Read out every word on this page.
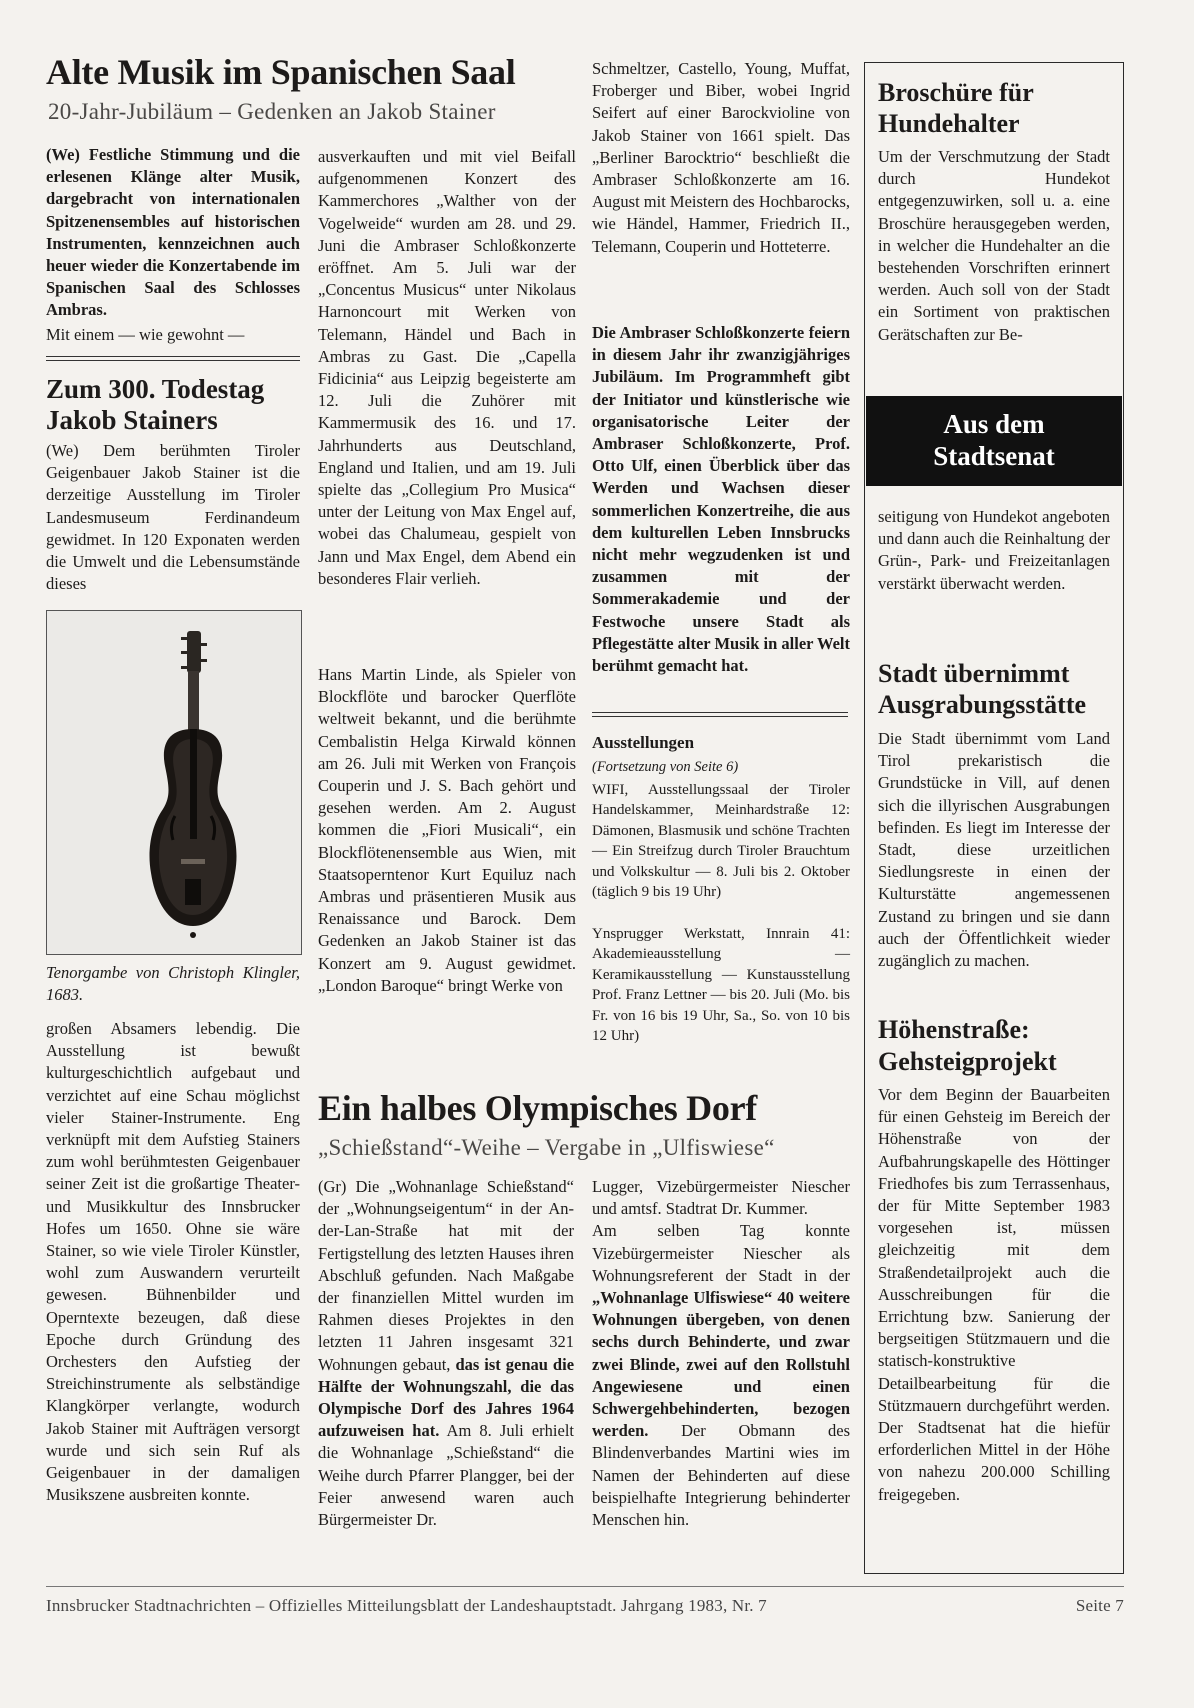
Alte Musik im Spanischen Saal
20-Jahr-Jubiläum – Gedenken an Jakob Stainer

(We) Festliche Stimmung und die erlesenen Klänge alter Musik, dargebracht von internationalen Spitzenensembles auf historischen Instrumenten, kennzeichnen auch heuer wieder die Konzertabende im Spanischen Saal des Schlosses Ambras.

Mit einem — wie gewohnt —

Zum 300. Todestag
Jakob Stainers

(We) Dem berühmten Tiroler Geigenbauer Jakob Stainer ist die derzeitige Ausstellung im Tiroler Landesmuseum Ferdinandeum gewidmet. In 120 Exponaten werden die Umwelt und die Lebensumstände dieses

Tenorgambe von Christoph Klingler, 1683.

großen Absamers lebendig. Die Ausstellung ist bewußt kulturgeschichtlich aufgebaut und verzichtet auf eine Schau möglichst vieler Stainer-Instrumente. Eng verknüpft mit dem Aufstieg Stainers zum wohl berühmtesten Geigenbauer seiner Zeit ist die großartige Theater- und Musikkultur des Innsbrucker Hofes um 1650. Ohne sie wäre Stainer, so wie viele Tiroler Künstler, wohl zum Auswandern verurteilt gewesen. Bühnenbilder und Operntexte bezeugen, daß diese Epoche durch Gründung des Orchesters den Aufstieg der Streichinstrumente als selbständige Klangkörper verlangte, wodurch Jakob Stainer mit Aufträgen versorgt wurde und sich sein Ruf als Geigenbauer in der damaligen Musikszene ausbreiten konnte.

ausverkauften und mit viel Beifall aufgenommenen Konzert des Kammerchores „Walther von der Vogelweide“ wurden am 28. und 29. Juni die Ambraser Schloßkonzerte eröffnet. Am 5. Juli war der „Concentus Musicus“ unter Nikolaus Harnoncourt mit Werken von Telemann, Händel und Bach in Ambras zu Gast. Die „Capella Fidicinia“ aus Leipzig begeisterte am 12. Juli die Zuhörer mit Kammermusik des 16. und 17. Jahrhunderts aus Deutschland, England und Italien, und am 19. Juli spielte das „Collegium Pro Musica“ unter der Leitung von Max Engel auf, wobei das Chalumeau, gespielt von Jann und Max Engel, dem Abend ein besonderes Flair verlieh.

Hans Martin Linde, als Spieler von Blockflöte und barocker Querflöte weltweit bekannt, und die berühmte Cembalistin Helga Kirwald können am 26. Juli mit Werken von François Couperin und J. S. Bach gehört und gesehen werden. Am 2. August kommen die „Fiori Musicali“, ein Blockflötenensemble aus Wien, mit Staatsoperntenor Kurt Equiluz nach Ambras und präsentieren Musik aus Renaissance und Barock. Dem Gedenken an Jakob Stainer ist das Konzert am 9. August gewidmet. „London Baroque“ bringt Werke von

Schmeltzer, Castello, Young, Muffat, Froberger und Biber, wobei Ingrid Seifert auf einer Barockvioline von Jakob Stainer von 1661 spielt. Das „Berliner Barocktrio“ beschließt die Ambraser Schloßkonzerte am 16. August mit Meistern des Hochbarocks, wie Händel, Hammer, Friedrich II., Telemann, Couperin und Hotteterre.

Die Ambraser Schloßkonzerte feiern in diesem Jahr ihr zwanzigjähriges Jubiläum. Im Programmheft gibt der Initiator und künstlerische wie organisatorische Leiter der Ambraser Schloßkonzerte, Prof. Otto Ulf, einen Überblick über das Werden und Wachsen dieser sommerlichen Konzertreihe, die aus dem kulturellen Leben Innsbrucks nicht mehr wegzudenken ist und zusammen mit der Sommerakademie und der Festwoche unsere Stadt als Pflegestätte alter Musik in aller Welt berühmt gemacht hat.

Ausstellungen

(Fortsetzung von Seite 6)

WIFI, Ausstellungssaal der Tiroler Handelskammer, Meinhardstraße 12: Dämonen, Blasmusik und schöne Trachten — Ein Streifzug durch Tiroler Brauchtum und Volkskultur — 8. Juli bis 2. Oktober (täglich 9 bis 19 Uhr)

Ynsprugger Werkstatt, Innrain 41: Akademieausstellung — Keramikausstellung — Kunstausstellung Prof. Franz Lettner — bis 20. Juli (Mo. bis Fr. von 16 bis 19 Uhr, Sa., So. von 10 bis 12 Uhr)

Ein halbes Olympisches Dorf
„Schießstand“-Weihe – Vergabe in „Ulfiswiese“

(Gr) Die „Wohnanlage Schießstand“ der „Wohnungseigentum“ in der An-der-Lan-Straße hat mit der Fertigstellung des letzten Hauses ihren Abschluß gefunden. Nach Maßgabe der finanziellen Mittel wurden im Rahmen dieses Projektes in den letzten 11 Jahren insgesamt 321 Wohnungen gebaut, das ist genau die Hälfte der Wohnungszahl, die das Olympische Dorf des Jahres 1964 aufzuweisen hat. Am 8. Juli erhielt die Wohnanlage „Schießstand“ die Weihe durch Pfarrer Plangger, bei der Feier anwesend waren auch Bürgermeister Dr.

Lugger, Vizebürgermeister Niescher und amtsf. Stadtrat Dr. Kummer.
Am selben Tag konnte Vizebürgermeister Niescher als Wohnungsreferent der Stadt in der „Wohnanlage Ulfiswiese“ 40 weitere Wohnungen übergeben, von denen sechs durch Behinderte, und zwar zwei Blinde, zwei auf den Rollstuhl Angewiesene und einen Schwergehbehinderten, bezogen werden. Der Obmann des Blindenverbandes Martini wies im Namen der Behinderten auf diese beispielhafte Integrierung behinderter Menschen hin.

Broschüre für
Hundehalter

Um der Verschmutzung der Stadt durch Hundekot entgegenzuwirken, soll u. a. eine Broschüre herausgegeben werden, in welcher die Hundehalter an die bestehenden Vorschriften erinnert werden. Auch soll von der Stadt ein Sortiment von praktischen Gerätschaften zur Be-

Aus dem
Stadtsenat

seitigung von Hundekot angeboten und dann auch die Reinhaltung der Grün-, Park- und Freizeitanlagen verstärkt überwacht werden.

Stadt übernimmt
Ausgrabungsstätte

Die Stadt übernimmt vom Land Tirol prekaristisch die Grundstücke in Vill, auf denen sich die illyrischen Ausgrabungen befinden. Es liegt im Interesse der Stadt, diese urzeitlichen Siedlungsreste in einen der Kulturstätte angemessenen Zustand zu bringen und sie dann auch der Öffentlichkeit wieder zugänglich zu machen.

Höhenstraße:
Gehsteigprojekt

Vor dem Beginn der Bauarbeiten für einen Gehsteig im Bereich der Höhenstraße von der Aufbahrungskapelle des Höttinger Friedhofes bis zum Terrassenhaus, der für Mitte September 1983 vorgesehen ist, müssen gleichzeitig mit dem Straßendetailprojekt auch die Ausschreibungen für die Errichtung bzw. Sanierung der bergseitigen Stützmauern und die statisch-konstruktive Detailbearbeitung für die Stützmauern durchgeführt werden. Der Stadtsenat hat die hiefür erforderlichen Mittel in der Höhe von nahezu 200.000 Schilling freigegeben.

Innsbrucker Stadtnachrichten – Offizielles Mitteilungsblatt der Landeshauptstadt. Jahrgang 1983, Nr. 7	Seite 7
